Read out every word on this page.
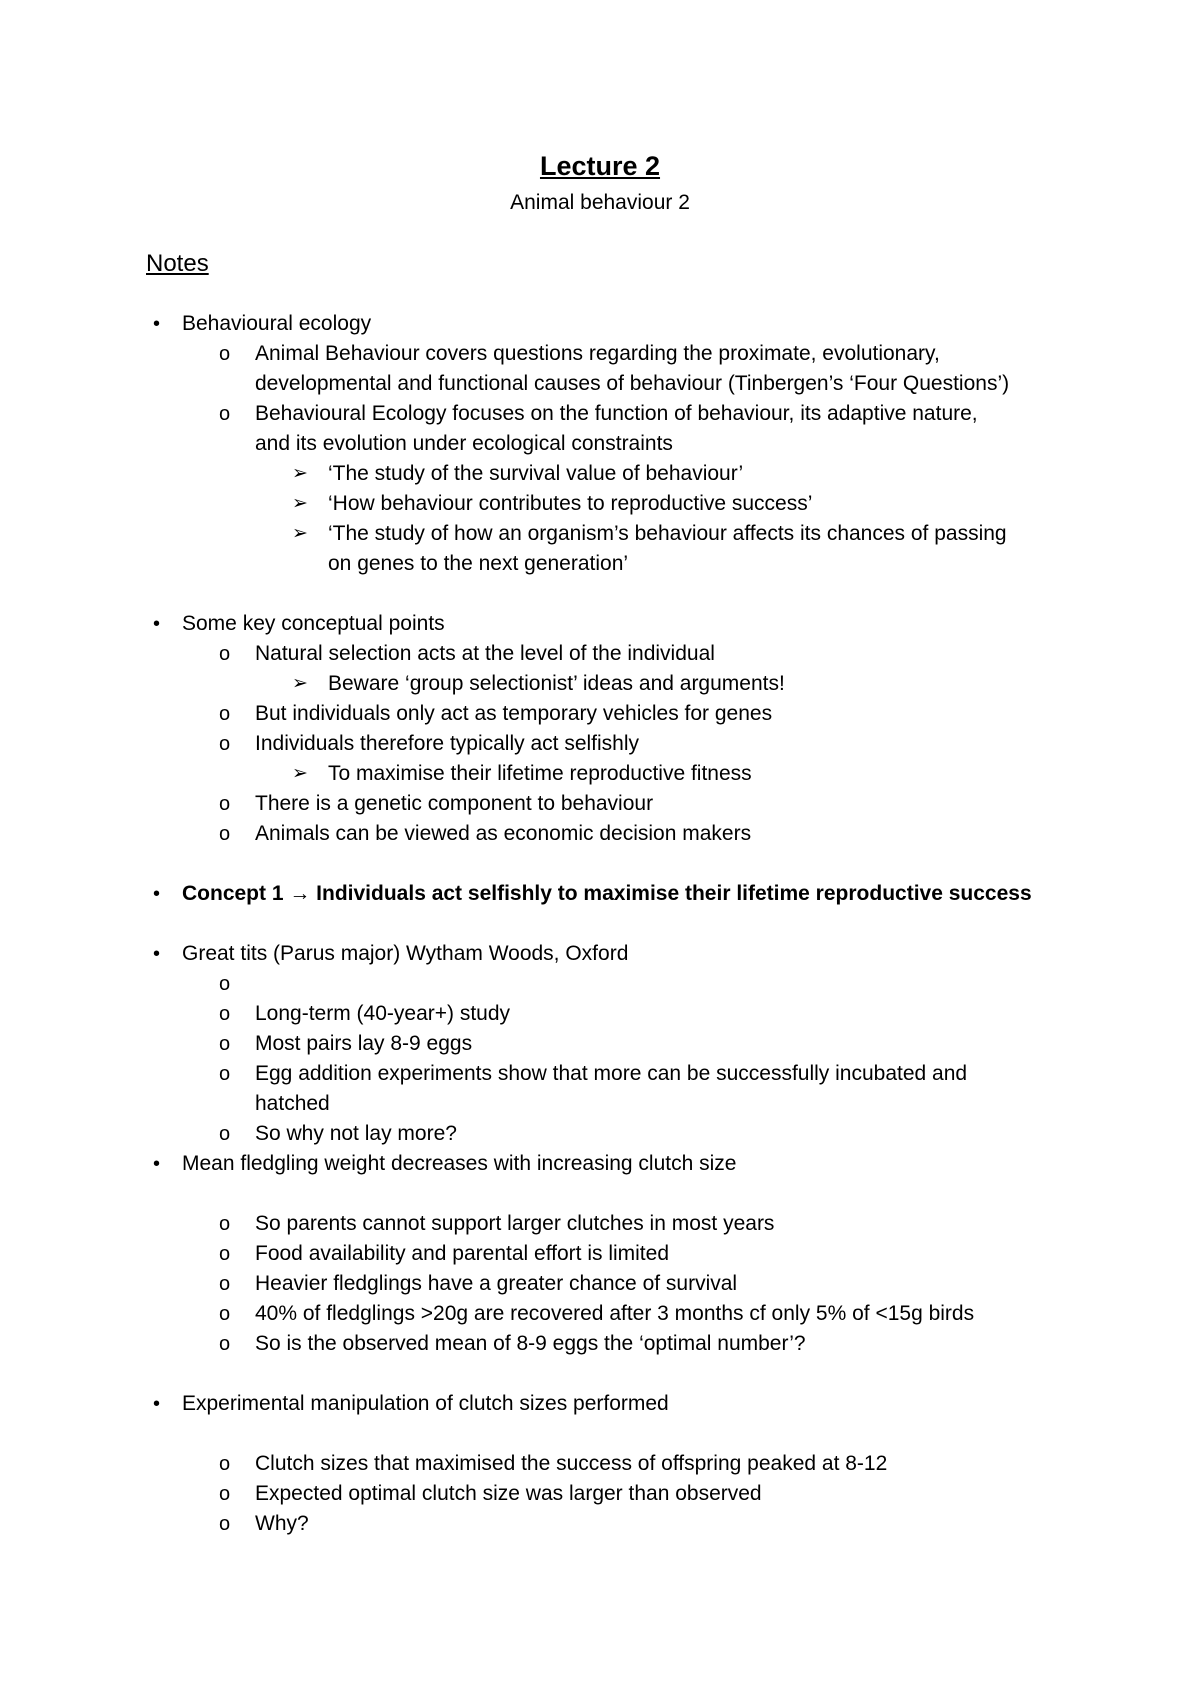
Lecture 2
Animal behaviour 2
Notes
• Behavioural ecology
o Animal Behaviour covers questions regarding the proximate, evolutionary,
developmental and functional causes of behaviour (Tinbergen’s ‘Four Questions’)
o Behavioural Ecology focuses on the function of behaviour, its adaptive nature,
and its evolution under ecological constraints
➢ ‘The study of the survival value of behaviour’
➢ ‘How behaviour contributes to reproductive success’
➢ ‘The study of how an organism’s behaviour affects its chances of passing
on genes to the next generation’
• Some key conceptual points
o Natural selection acts at the level of the individual
➢ Beware ‘group selectionist’ ideas and arguments!
o But individuals only act as temporary vehicles for genes
o Individuals therefore typically act selfishly
➢ To maximise their lifetime reproductive fitness
o There is a genetic component to behaviour
o Animals can be viewed as economic decision makers
• Concept 1 → Individuals act selfishly to maximise their lifetime reproductive success
• Great tits (Parus major) Wytham Woods, Oxford
o
o Long-term (40-year+) study
o Most pairs lay 8-9 eggs
o Egg addition experiments show that more can be successfully incubated and
hatched
o So why not lay more?
• Mean fledgling weight decreases with increasing clutch size
o So parents cannot support larger clutches in most years
o Food availability and parental effort is limited
o Heavier fledglings have a greater chance of survival
o 40% of fledglings >20g are recovered after 3 months cf only 5% of <15g birds
o So is the observed mean of 8-9 eggs the ‘optimal number’?
• Experimental manipulation of clutch sizes performed
o Clutch sizes that maximised the success of offspring peaked at 8-12
o Expected optimal clutch size was larger than observed
o Why?
